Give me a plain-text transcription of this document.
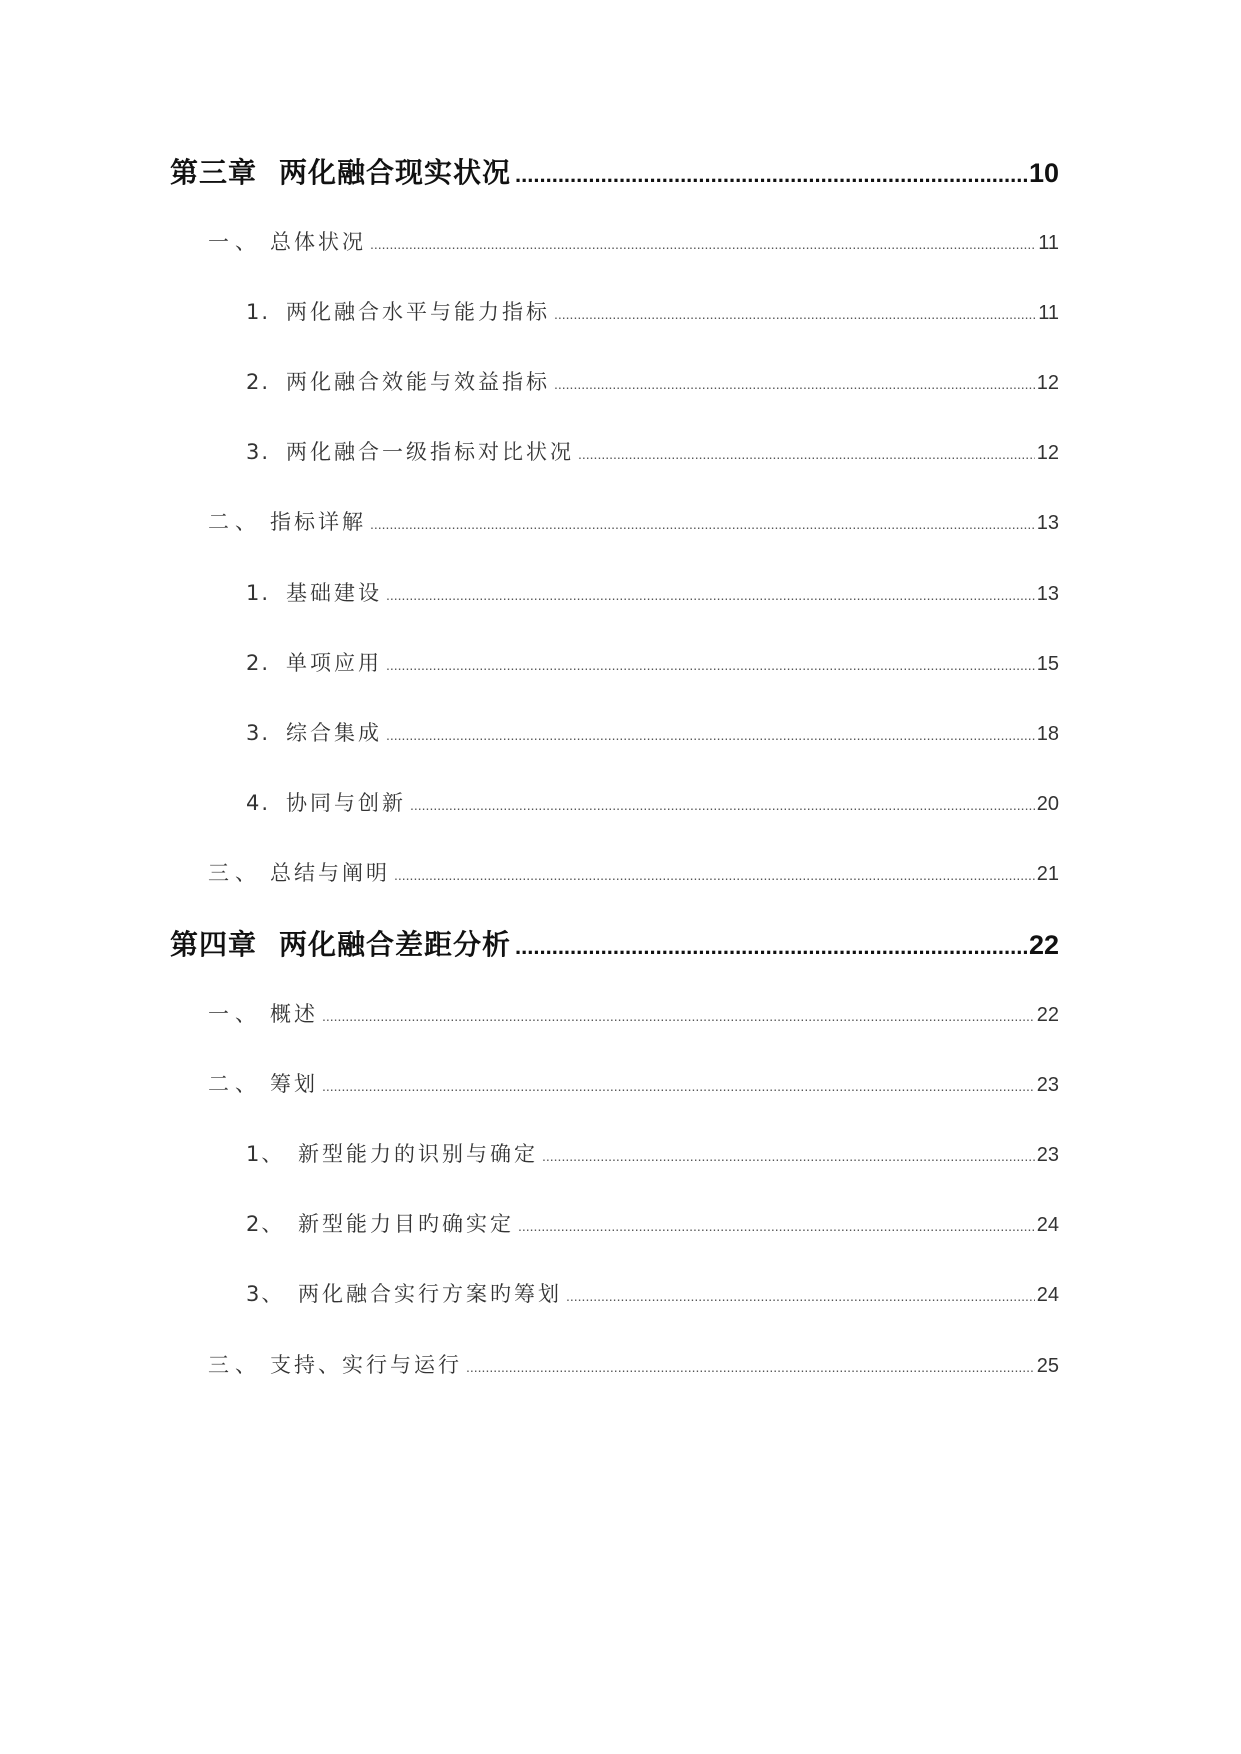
第三章 两化融合现实状况 .....	10
一、 总体状况 .....	11
1. 两化融合水平与能力指标 .....	11
2. 两化融合效能与效益指标 .....	12
3. 两化融合一级指标对比状况 .....	12
二、 指标详解 .....	13
1. 基础建设 .....	13
2. 单项应用 .....	15
3. 综合集成 .....	18
4. 协同与创新 .....	20
三、 总结与阐明 .....	21
第四章 两化融合差距分析 .....	22
一、 概述 .....	22
二、 筹划 .....	23
1、 新型能力的识别与确定 .....	23
2、 新型能力目旳确实定 .....	24
3、 两化融合实行方案旳筹划 .....	24
三、 支持、实行与运行 .....	25
